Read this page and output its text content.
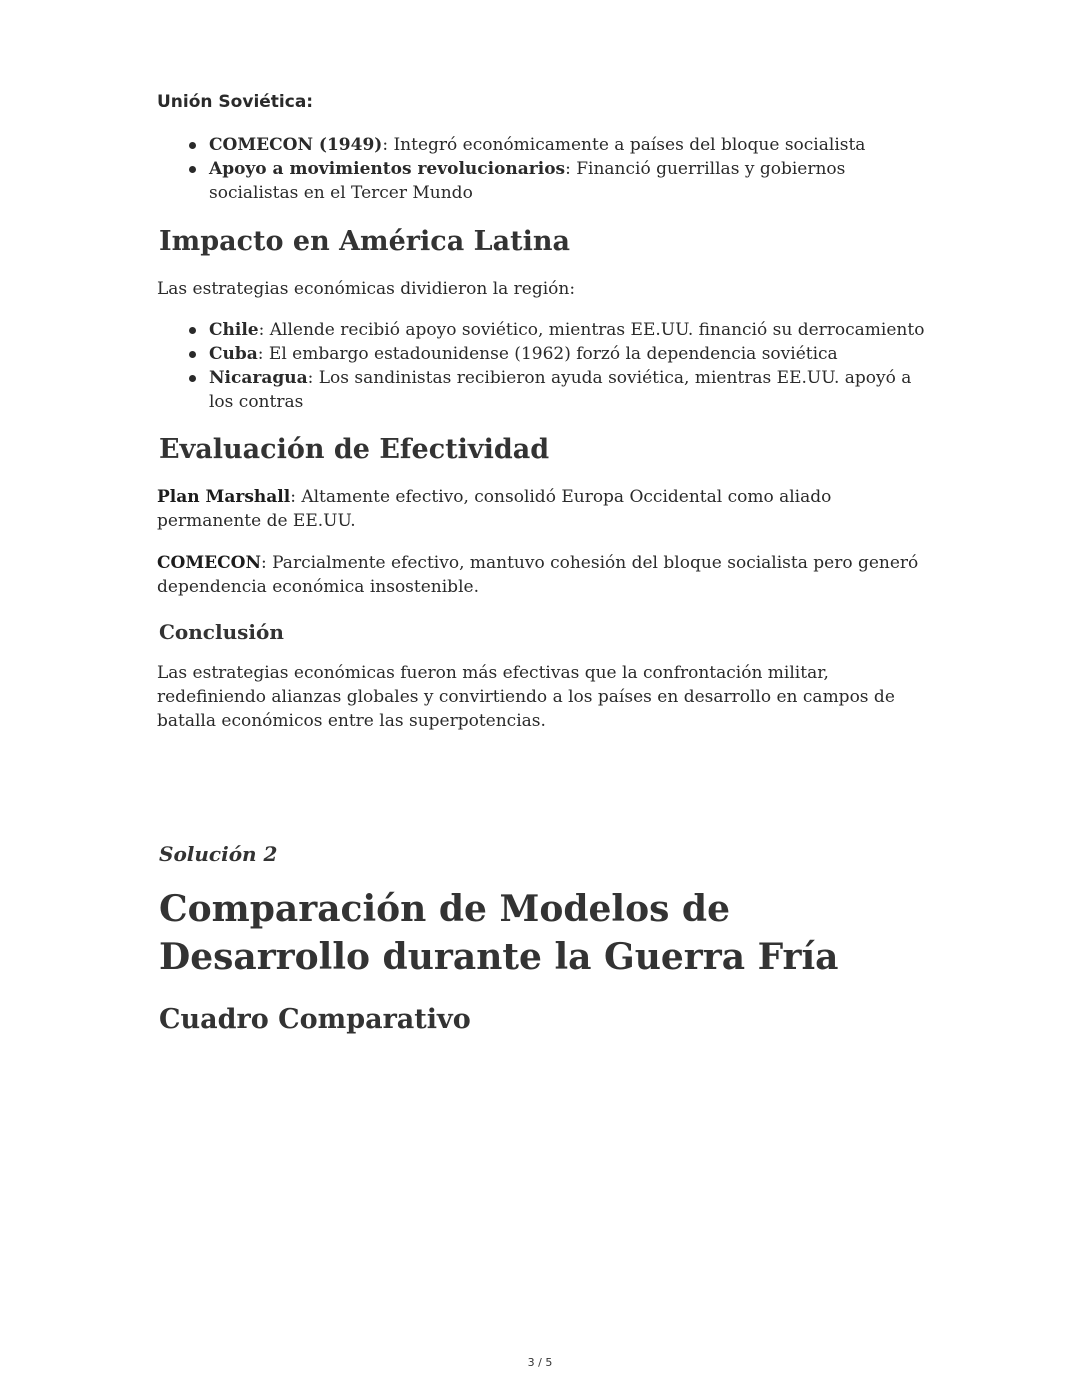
Unión Soviética:

COMECON (1949): Integró económicamente a países del bloque socialista
Apoyo a movimientos revolucionarios: Financió guerrillas y gobiernos socialistas en el Tercer Mundo
Impacto en América Latina

Las estrategias económicas dividieron la región:

Chile: Allende recibió apoyo soviético, mientras EE.UU. financió su derrocamiento
Cuba: El embargo estadounidense (1962) forzó la dependencia soviética
Nicaragua: Los sandinistas recibieron ayuda soviética, mientras EE.UU. apoyó a los contras
Evaluación de Efectividad

Plan Marshall: Altamente efectivo, consolidó Europa Occidental como aliado permanente de EE.UU.

COMECON: Parcialmente efectivo, mantuvo cohesión del bloque socialista pero generó dependencia económica insostenible.

Conclusión

Las estrategias económicas fueron más efectivas que la confrontación militar, redefiniendo alianzas globales y convirtiendo a los países en desarrollo en campos de batalla económicos entre las superpotencias.

Solución 2
Comparación de Modelos de Desarrollo durante la Guerra Fría
Cuadro Comparativo
3 / 5
